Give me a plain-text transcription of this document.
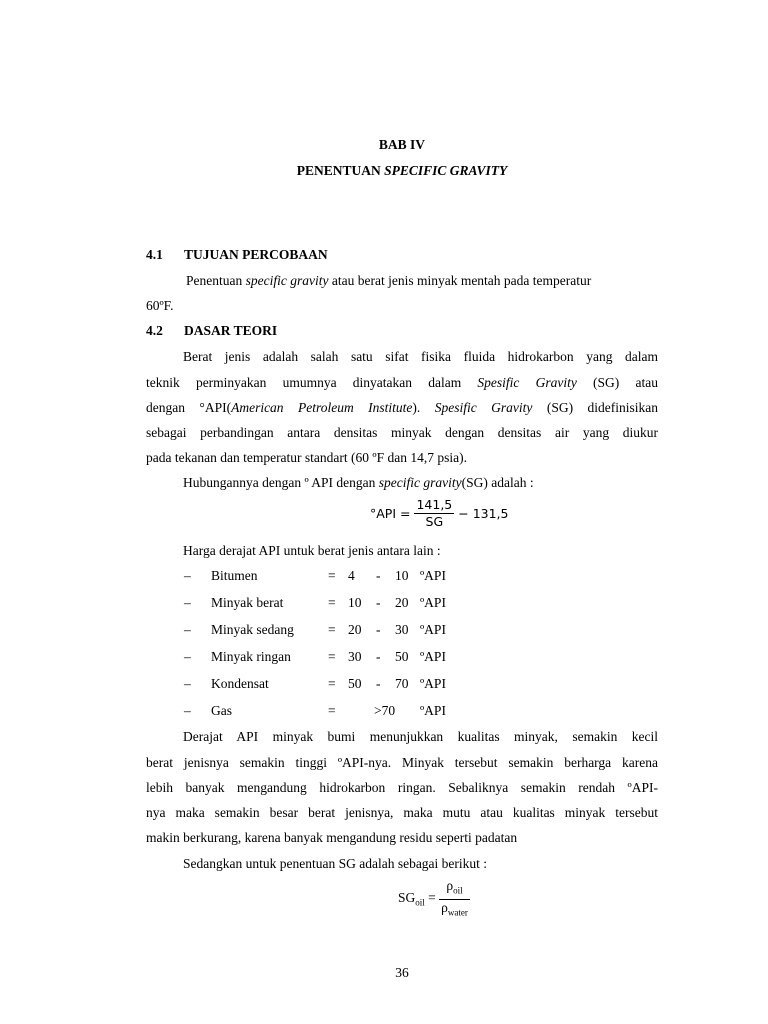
BAB IV
PENENTUAN SPECIFIC GRAVITY
4.1 TUJUAN PERCOBAAN
Penentuan specific gravity atau berat jenis minyak mentah pada temperatur
60ºF.
4.2 DASAR TEORI
Berat jenis adalah salah satu sifat fisika fluida hidrokarbon yang dalam
teknik perminyakan umumnya dinyatakan dalam Spesific Gravity (SG) atau
dengan °API(American Petroleum Institute). Spesific Gravity (SG) didefinisikan
sebagai perbandingan antara densitas minyak dengan densitas air yang diukur
pada tekanan dan temperatur standart (60 ºF dan 14,7 psia).
Hubungannya dengan º API dengan specific gravity(SG) adalah :
$^\circ API = \frac{141,5}{SG} - 131,5$
Harga derajat API untuk berat jenis antara lain :
– Bitumen	= 4 - 10 ºAPI
– Minyak berat	= 10 - 20 ºAPI
– Minyak sedang	= 20 - 30 ºAPI
– Minyak ringan	= 30 - 50 ºAPI
– Kondensat	= 50 - 70 ºAPI
– Gas	=	>70 ºAPI
Derajat API minyak bumi menunjukkan kualitas minyak, semakin kecil
berat jenisnya semakin tinggi ºAPI-nya. Minyak tersebut semakin berharga karena
lebih banyak mengandung hidrokarbon ringan. Sebaliknya semakin rendah ºAPI-
nya maka semakin besar berat jenisnya, maka mutu atau kualitas minyak tersebut
makin berkurang, karena banyak mengandung residu seperti padatan
Sedangkan untuk penentuan SG adalah sebagai berikut :
$SG_{oil} = \frac{\rho_{oil}}{\rho_{water}}$
36
